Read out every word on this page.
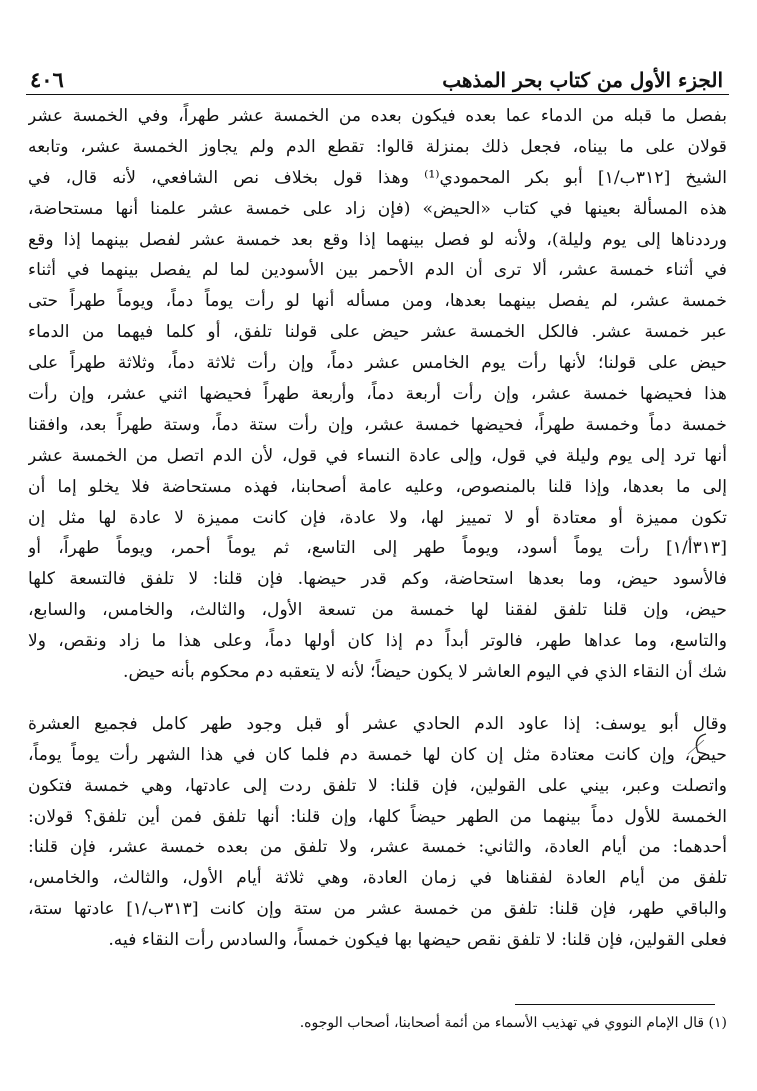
٤٠٦	الجزء الأول من كتاب بحر المذهب
بفصل ما قبله من الدماء عما بعده فيكون بعده من الخمسة عشر طهراً، وفي الخمسة عشر
قولان على ما بيناه، فجعل ذلك بمنزلة قالوا: تقطع الدم ولم يجاوز الخمسة عشر، وتابعه
الشيخ [٣١٢ب/١] أبو بكر المحمودي⁽¹⁾ وهذا قول بخلاف نص الشافعي، لأنه قال، في
هذه المسألة بعينها في كتاب «الحيض» (فإن زاد على خمسة عشر علمنا أنها مستحاضة،
ورددناها إلى يوم وليلة)، ولأنه لو فصل بينهما إذا وقع بعد خمسة عشر لفصل بينهما إذا وقع
في أثناء خمسة عشر، ألا ترى أن الدم الأحمر بين الأسودين لما لم يفصل بينهما في أثناء
خمسة عشر، لم يفصل بينهما بعدها، ومن مسأله أنها لو رأت يوماً دماً، ويوماً طهراً حتى
عبر خمسة عشر. فالكل الخمسة عشر حيض على قولنا تلفق، أو كلما فيهما من الدماء
حيض على قولنا؛ لأنها رأت يوم الخامس عشر دماً، وإن رأت ثلاثة دماً، وثلاثة طهراً على
هذا فحيضها خمسة عشر، وإن رأت أربعة دماً، وأربعة طهراً فحيضها اثني عشر، وإن رأت
خمسة دماً وخمسة طهراً، فحيضها خمسة عشر، وإن رأت ستة دماً، وستة طهراً بعد، وافقنا
أنها ترد إلى يوم وليلة في قول، وإلى عادة النساء في قول، لأن الدم اتصل من الخمسة عشر
إلى ما بعدها، وإذا قلنا بالمنصوص، وعليه عامة أصحابنا، فهذه مستحاضة فلا يخلو إما أن
تكون مميزة أو معتادة أو لا تمييز لها، ولا عادة، فإن كانت مميزة لا عادة لها مثل إن
[٣١٣أ/١] رأت يوماً أسود، ويوماً طهر إلى التاسع، ثم يوماً أحمر، ويوماً طهراً، أو
فالأسود حيض، وما بعدها استحاضة، وكم قدر حيضها. فإن قلنا: لا تلفق فالتسعة كلها
حيض، وإن قلنا تلفق لفقنا لها خمسة من تسعة الأول، والثالث، والخامس، والسابع،
والتاسع، وما عداها طهر، فالوتر أبداً دم إذا كان أولها دماً، وعلى هذا ما زاد ونقص، ولا
شك أن النقاء الذي في اليوم العاشر لا يكون حيضاً؛ لأنه لا يتعقبه دم محكوم بأنه حيض.
وقال أبو يوسف: إذا عاود الدم الحادي عشر أو قبل وجود طهر كامل فجميع العشرة
حيض، وإن كانت معتادة مثل إن كان لها خمسة دم فلما كان في هذا الشهر رأت يوماً يوماً،
واتصلت وعبر، بيني على القولين، فإن قلنا: لا تلفق ردت إلى عادتها، وهي خمسة فتكون
الخمسة للأول دماً بينهما من الطهر حيضاً كلها، وإن قلنا: أنها تلفق فمن أين تلفق؟ قولان:
أحدهما: من أيام العادة، والثاني: خمسة عشر، ولا تلفق من بعده خمسة عشر، فإن قلنا:
تلفق من أيام العادة لفقناها في زمان العادة، وهي ثلاثة أيام الأول، والثالث، والخامس،
والباقي طهر، فإن قلنا: تلفق من خمسة عشر من ستة وإن كانت [٣١٣ب/١] عادتها ستة،
فعلى القولين، فإن قلنا: لا تلفق نقص حيضها بها فيكون خمساً، والسادس رأت النقاء فيه.
(١) قال الإمام النووي في تهذيب الأسماء من أئمة أصحابنا، أصحاب الوجوه.
